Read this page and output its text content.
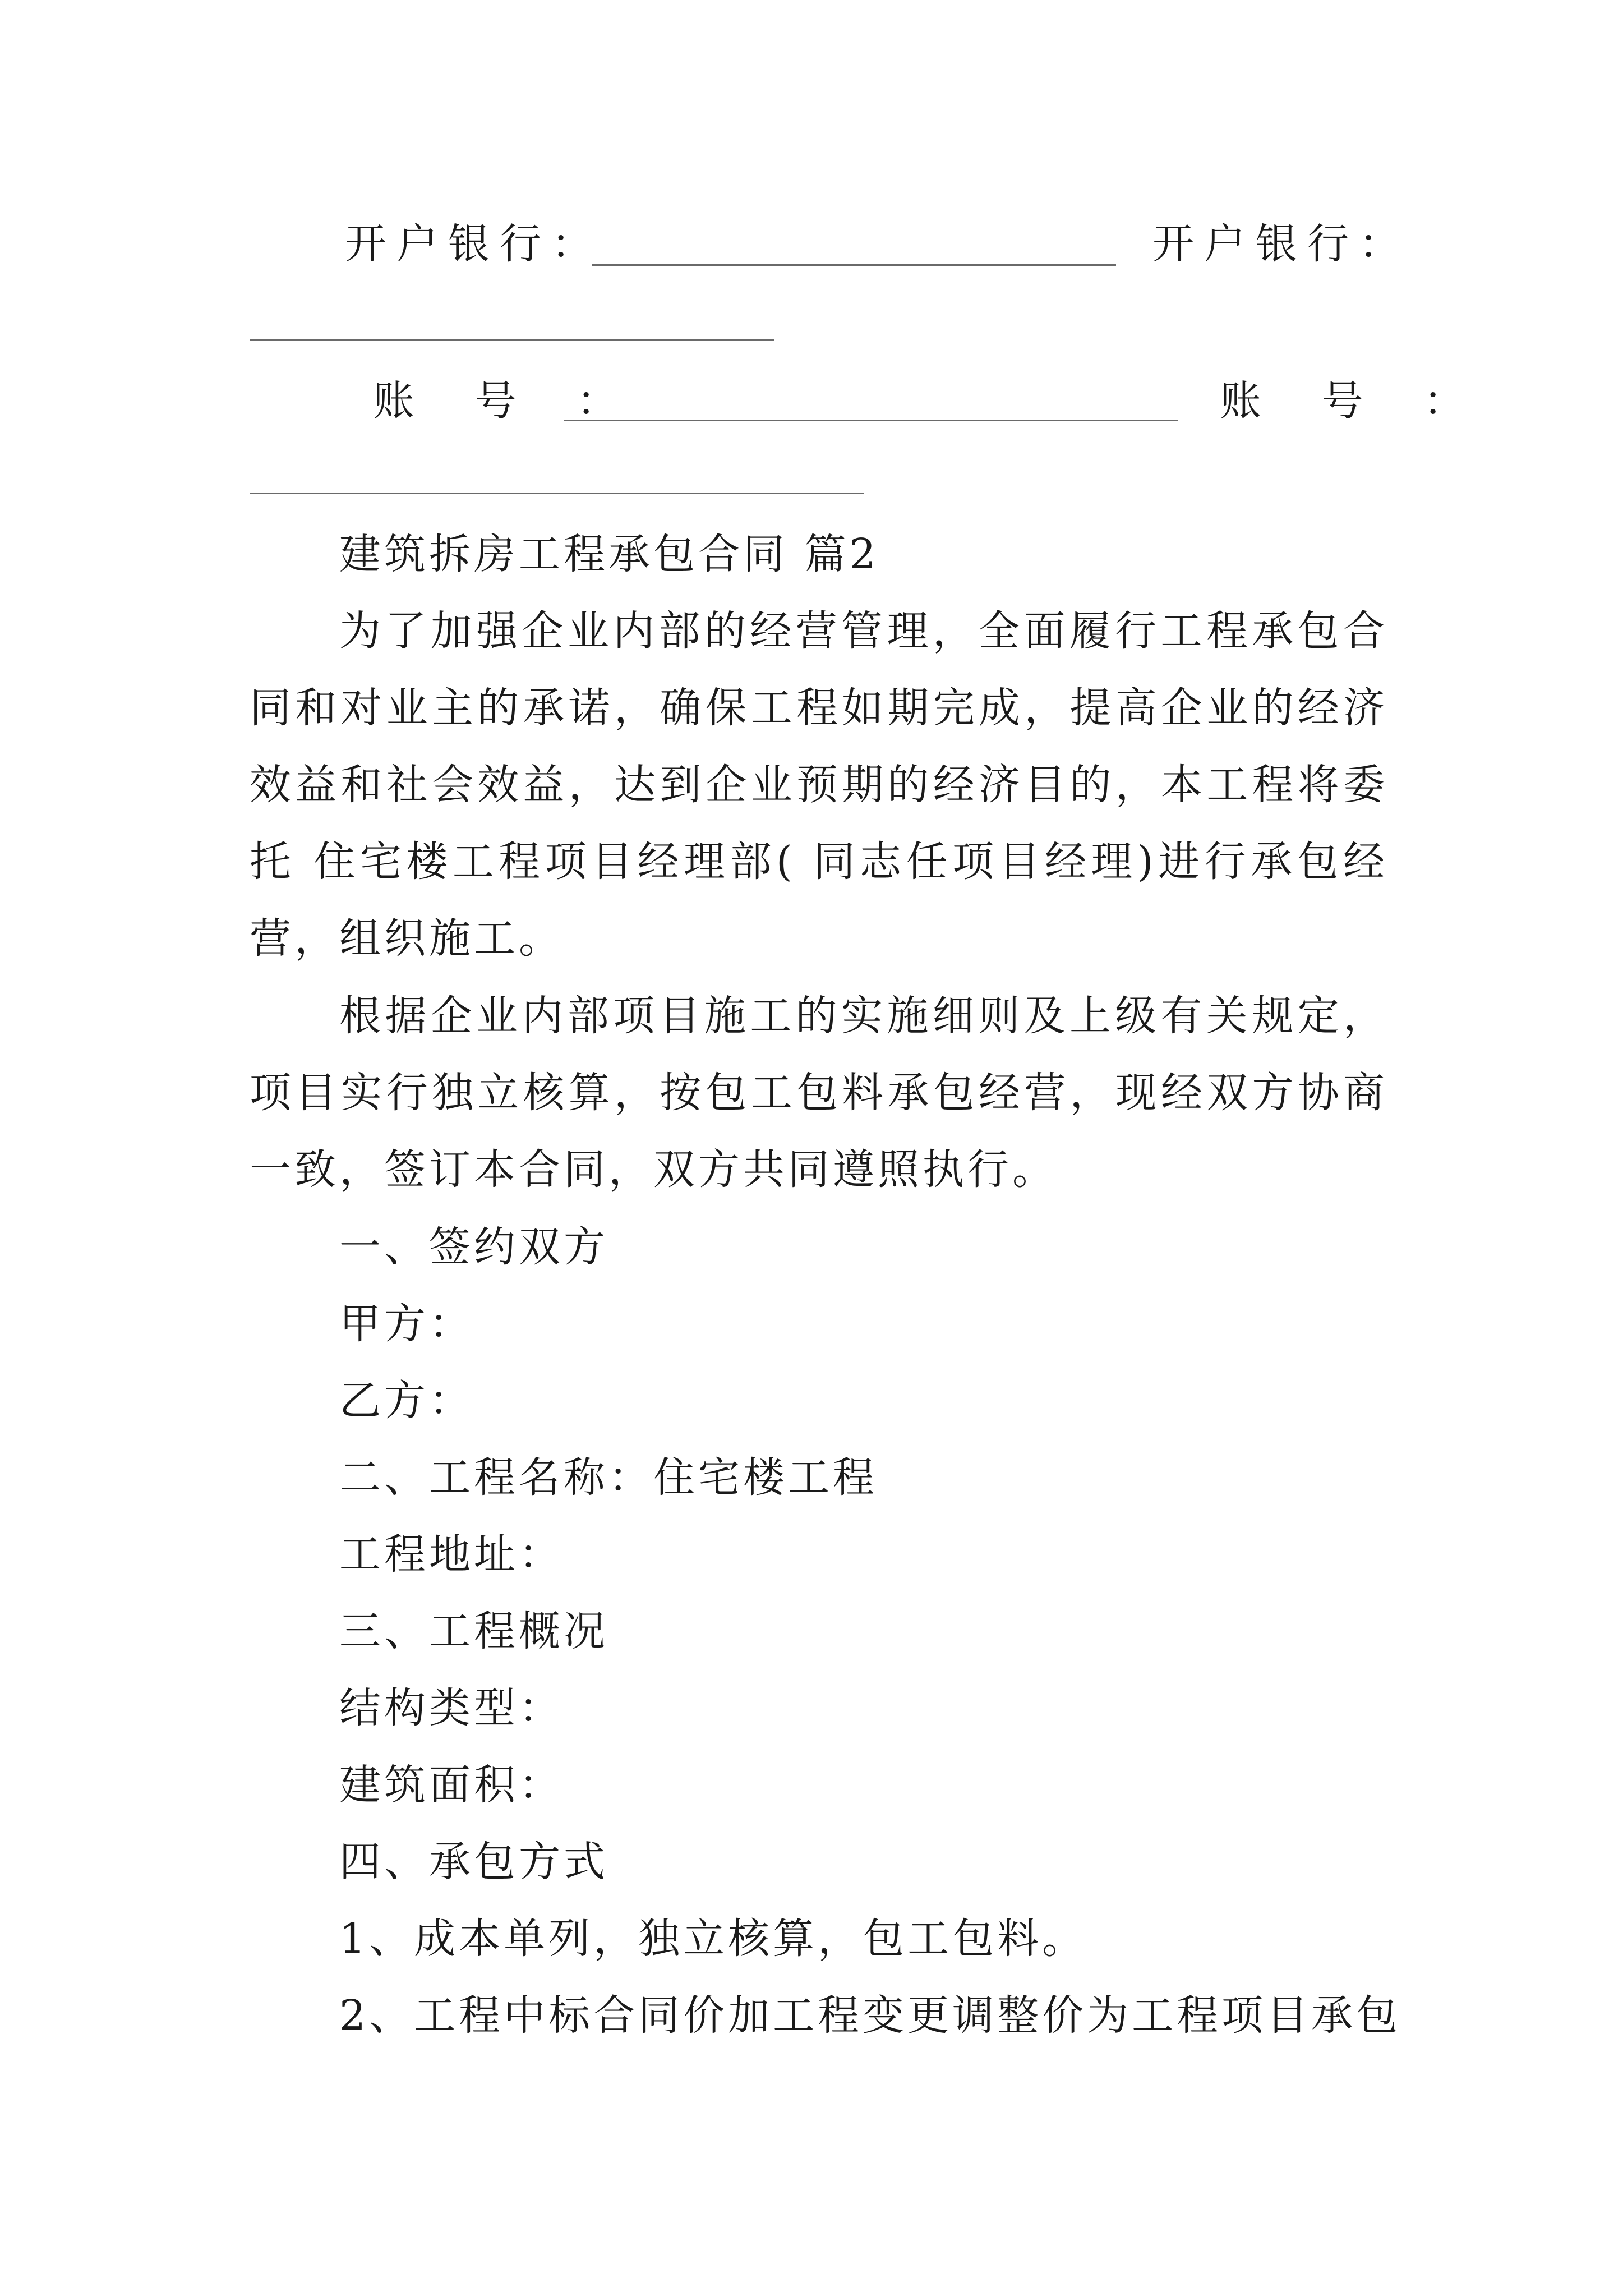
开户银行：	开户银行：
账 号 ：	账 号 ：

建筑拆房工程承包合同 篇2

为了加强企业内部的经营管理，全面履行工程承包合同和对业主的承诺，确保工程如期完成，提高企业的经济效益和社会效益，达到企业预期的经济目的，本工程将委托 住宅楼工程项目经理部( 同志任项目经理)进行承包经营，组织施工。

根据企业内部项目施工的实施细则及上级有关规定，项目实行独立核算，按包工包料承包经营，现经双方协商一致，签订本合同，双方共同遵照执行。

一、签约双方

甲方：

乙方：

二、工程名称：住宅楼工程

工程地址：

三、工程概况

结构类型：

建筑面积：

四、承包方式

1、成本单列，独立核算，包工包料。

2、工程中标合同价加工程变更调整价为工程项目承包
